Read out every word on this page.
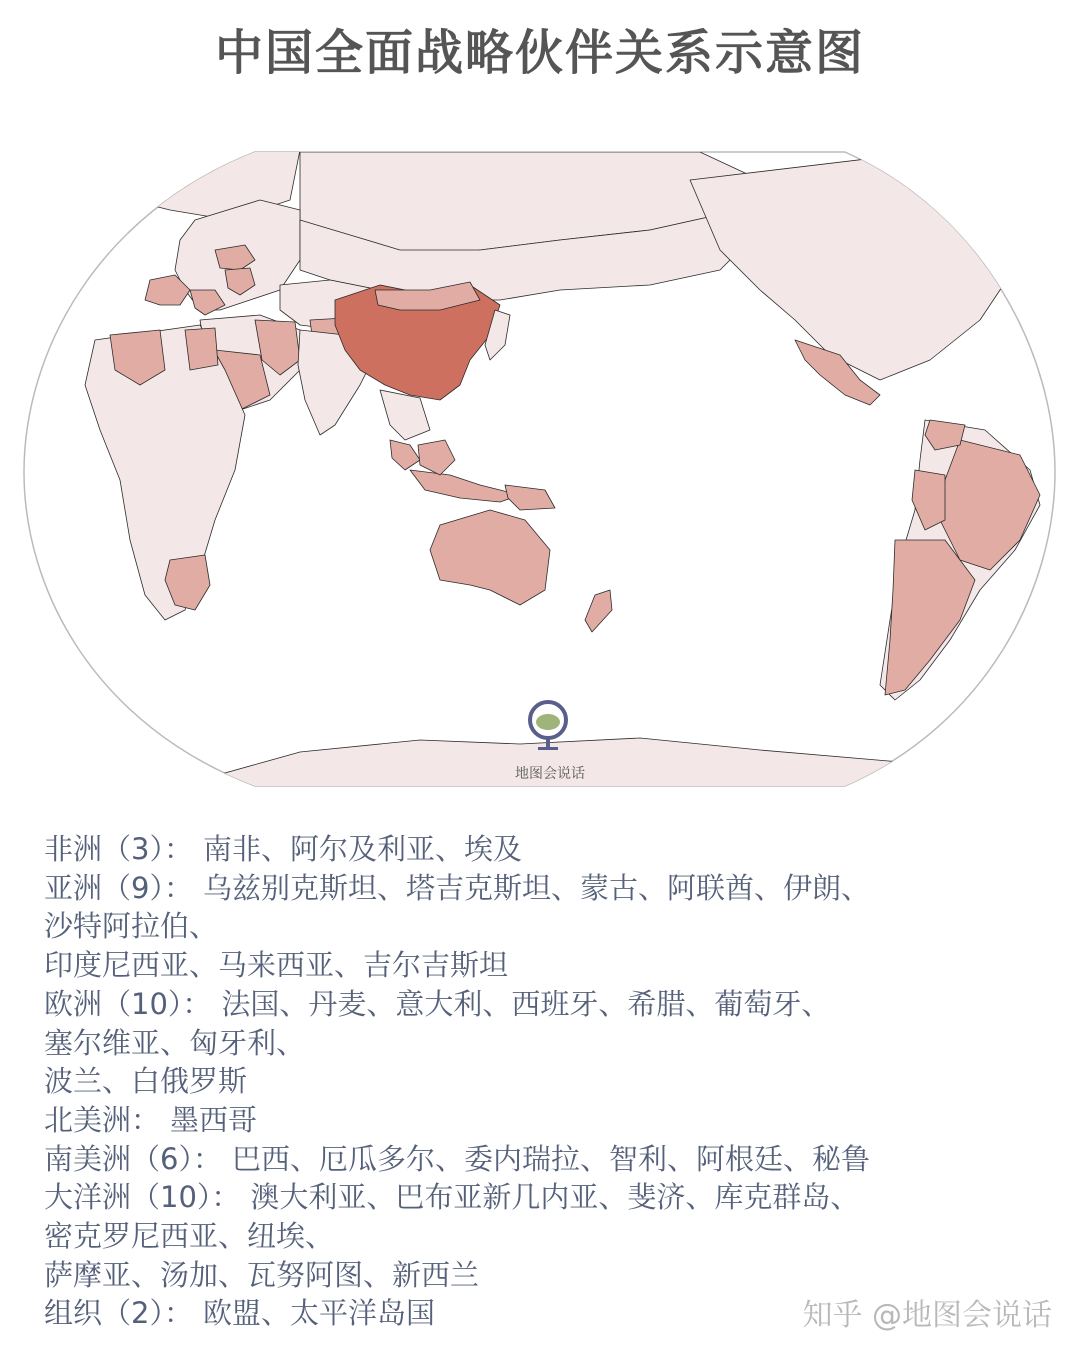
中国全面战略伙伴关系示意图
地图会说话
非洲（3）： 南非、阿尔及利亚、埃及
亚洲（9）： 乌兹别克斯坦、塔吉克斯坦、蒙古、阿联酋、伊朗、
沙特阿拉伯、
印度尼西亚、马来西亚、吉尔吉斯坦
欧洲（10）： 法国、丹麦、意大利、西班牙、希腊、葡萄牙、
塞尔维亚、匈牙利、
波兰、白俄罗斯
北美洲： 墨西哥
南美洲（6）： 巴西、厄瓜多尔、委内瑞拉、智利、阿根廷、秘鲁
大洋洲（10）： 澳大利亚、巴布亚新几内亚、斐济、库克群岛、
密克罗尼西亚、纽埃、
萨摩亚、汤加、瓦努阿图、新西兰
组织（2）： 欧盟、太平洋岛国	知乎 @地图会说话
